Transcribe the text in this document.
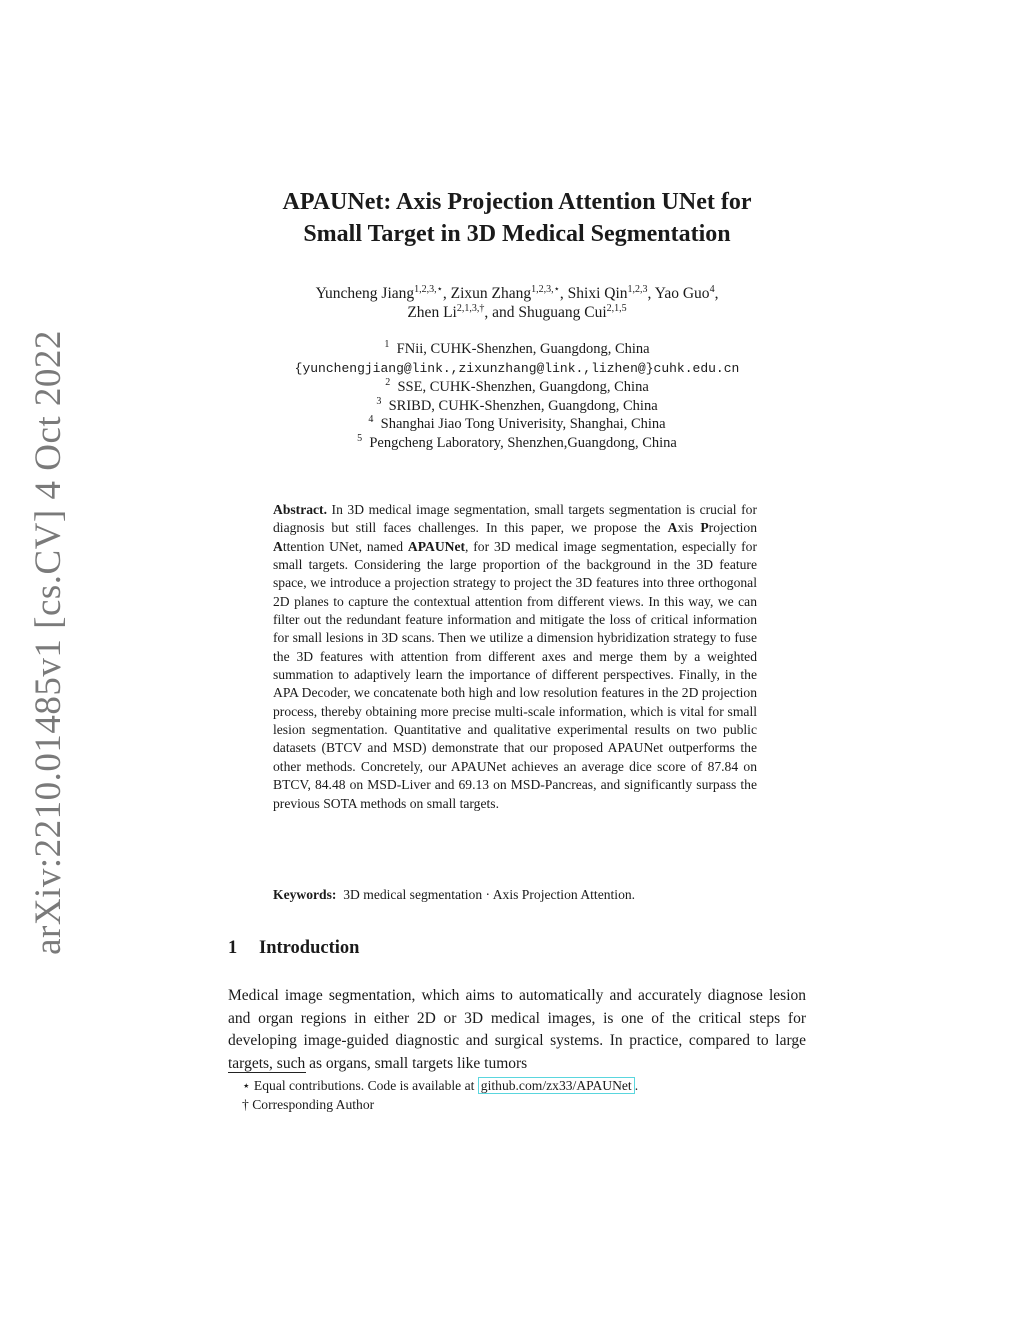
arXiv:2210.01485v1 [cs.CV] 4 Oct 2022
APAUNet: Axis Projection Attention UNet for
Small Target in 3D Medical Segmentation
Yuncheng Jiang$^{1,2,3,⋆}$, Zixun Zhang$^{1,2,3,⋆}$, Shixi Qin$^{1,2,3}$, Yao Guo$^4$,
Zhen $Li^{2,1,3,\dagger}$, and Shuguang Cui$^{2,1,5}$
$^1$ FNii, CUHK-Shenzhen, Guangdong, China
{yunchengjiang@link.,zixunzhang@link.,lizhen@}cuhk.edu.cn
$^2$ SSE, CUHK-Shenzhen, Guangdong, China
$^3$ SRIBD, CUHK-Shenzhen, Guangdong, China
$^4$ Shanghai Jiao Tong Univerisity, Shanghai, China
$^5$ Pengcheng Laboratory, Shenzhen,Guangdong, China

Abstract. In 3D medical image segmentation, small targets segmentation is crucial for diagnosis but still faces challenges. In this paper, we propose the Axis Projection Attention UNet, named APAUNet, for 3D medical image segmentation, especially for small targets. Considering the large proportion of the background in the 3D feature space, we introduce a projection strategy to project the 3D features into three orthogonal 2D planes to capture the contextual attention from different views. In this way, we can filter out the redundant feature information and mitigate the loss of critical information for small lesions in 3D scans. Then we utilize a dimension hybridization strategy to fuse the 3D features with attention from different axes and merge them by a weighted summation to adaptively learn the importance of different perspectives. Finally, in the APA Decoder, we concatenate both high and low resolution features in the 2D projection process, thereby obtaining more precise multi-scale information, which is vital for small lesion segmentation. Quantitative and qualitative experimental results on two public datasets (BTCV and MSD) demonstrate that our proposed APAUNet outperforms the other methods. Concretely, our APAUNet achieves an average dice score of 87.84 on BTCV, 84.48 on MSD-Liver and 69.13 on MSD-Pancreas, and significantly surpass the previous SOTA methods on small targets.

Keywords: 3D medical segmentation · Axis Projection Attention.
1 Introduction

Medical image segmentation, which aims to automatically and accurately diagnose lesion and organ regions in either 2D or 3D medical images, is one of the critical steps for developing image-guided diagnostic and surgical systems. In practice, compared to large targets, such as organs, small targets like tumors

⋆ Equal contributions. Code is available at github.com/zx33/APAUNet .
† Corresponding Author
